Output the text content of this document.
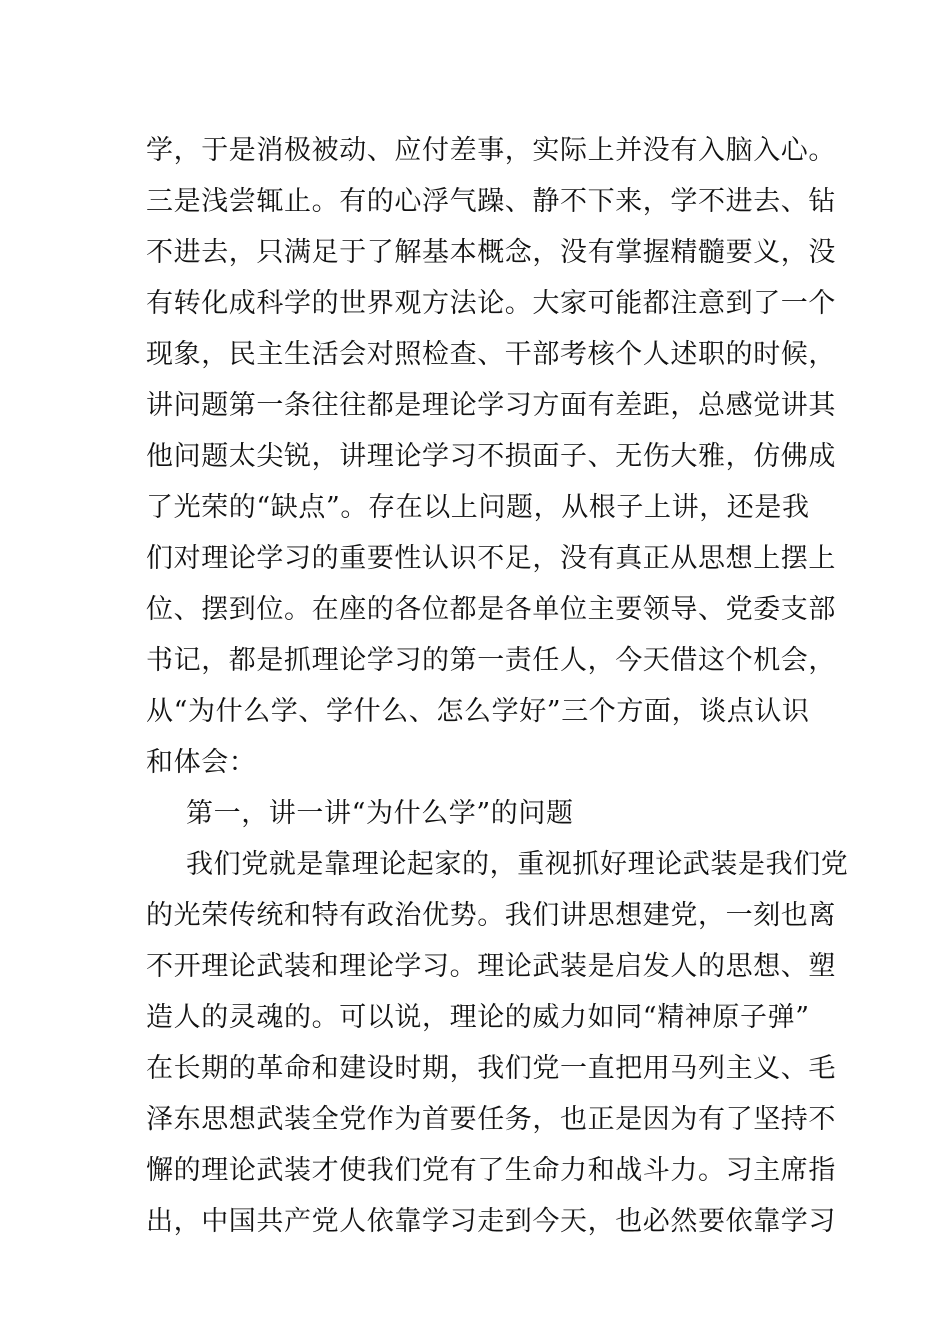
学，于是消极被动、应付差事，实际上并没有入脑入心。
三是浅尝辄止。有的心浮气躁、静不下来，学不进去、钻
不进去，只满足于了解基本概念，没有掌握精髓要义，没
有转化成科学的世界观方法论。大家可能都注意到了一个
现象，民主生活会对照检查、干部考核个人述职的时候，
讲问题第一条往往都是理论学习方面有差距，总感觉讲其
他问题太尖锐，讲理论学习不损面子、无伤大雅，仿佛成
了光荣的“缺点”。存在以上问题，从根子上讲，还是我
们对理论学习的重要性认识不足，没有真正从思想上摆上
位、摆到位。在座的各位都是各单位主要领导、党委支部
书记，都是抓理论学习的第一责任人，今天借这个机会，
从“为什么学、学什么、怎么学好”三个方面，谈点认识
和体会：
第一，讲一讲“为什么学”的问题
我们党就是靠理论起家的，重视抓好理论武装是我们党
的光荣传统和特有政治优势。我们讲思想建党，一刻也离
不开理论武装和理论学习。理论武装是启发人的思想、塑
造人的灵魂的。可以说，理论的威力如同“精神原子弹”
在长期的革命和建设时期，我们党一直把用马列主义、毛
泽东思想武装全党作为首要任务，也正是因为有了坚持不
懈的理论武装才使我们党有了生命力和战斗力。习主席指
出，中国共产党人依靠学习走到今天，也必然要依靠学习
